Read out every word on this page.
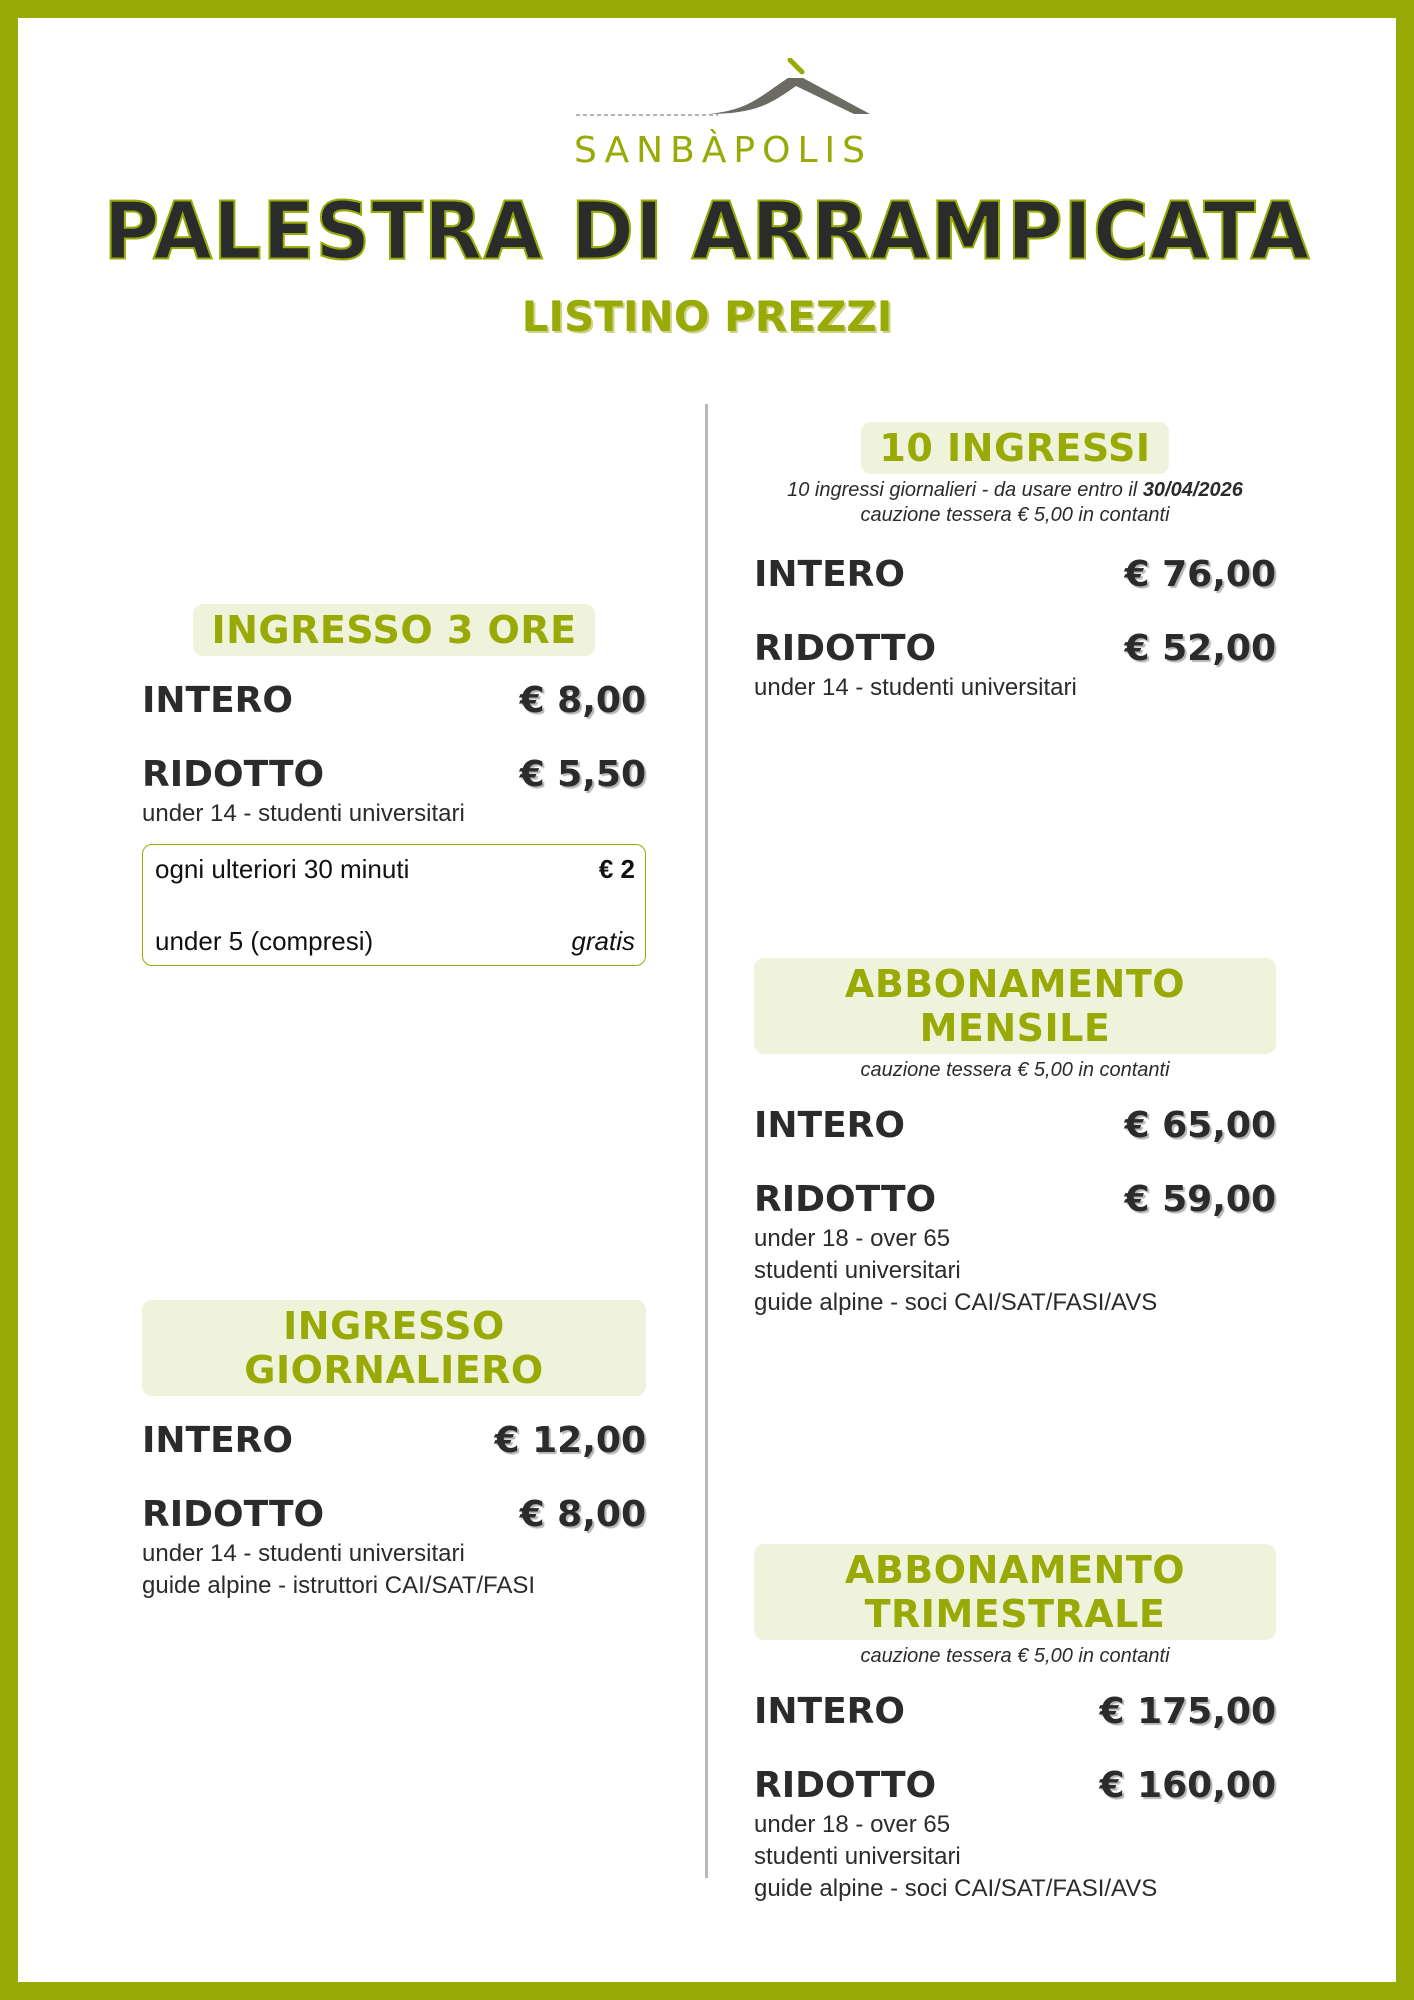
SANBÀPOLIS
PALESTRA DI ARRAMPICATA
LISTINO PREZZI
INGRESSO 3 ORE
INTERO	€ 8,00
RIDOTTO	€ 5,50
under 14 - studenti universitari
ogni ulteriori 30 minuti	€ 2
under 5 (compresi)	gratis
INGRESSO GIORNALIERO
INTERO	€ 12,00
RIDOTTO	€ 8,00
under 14 - studenti universitari
guide alpine - istruttori CAI/SAT/FASI
10 INGRESSI
10 ingressi giornalieri - da usare entro il 30/04/2026
cauzione tessera € 5,00 in contanti
INTERO	€ 76,00
RIDOTTO	€ 52,00
under 14 - studenti universitari
ABBONAMENTO MENSILE
cauzione tessera € 5,00 in contanti
INTERO	€ 65,00
RIDOTTO	€ 59,00
under 18 - over 65
studenti universitari
guide alpine - soci CAI/SAT/FASI/AVS
ABBONAMENTO TRIMESTRALE
cauzione tessera € 5,00 in contanti
INTERO	€ 175,00
RIDOTTO	€ 160,00
under 18 - over 65
studenti universitari
guide alpine - soci CAI/SAT/FASI/AVS
